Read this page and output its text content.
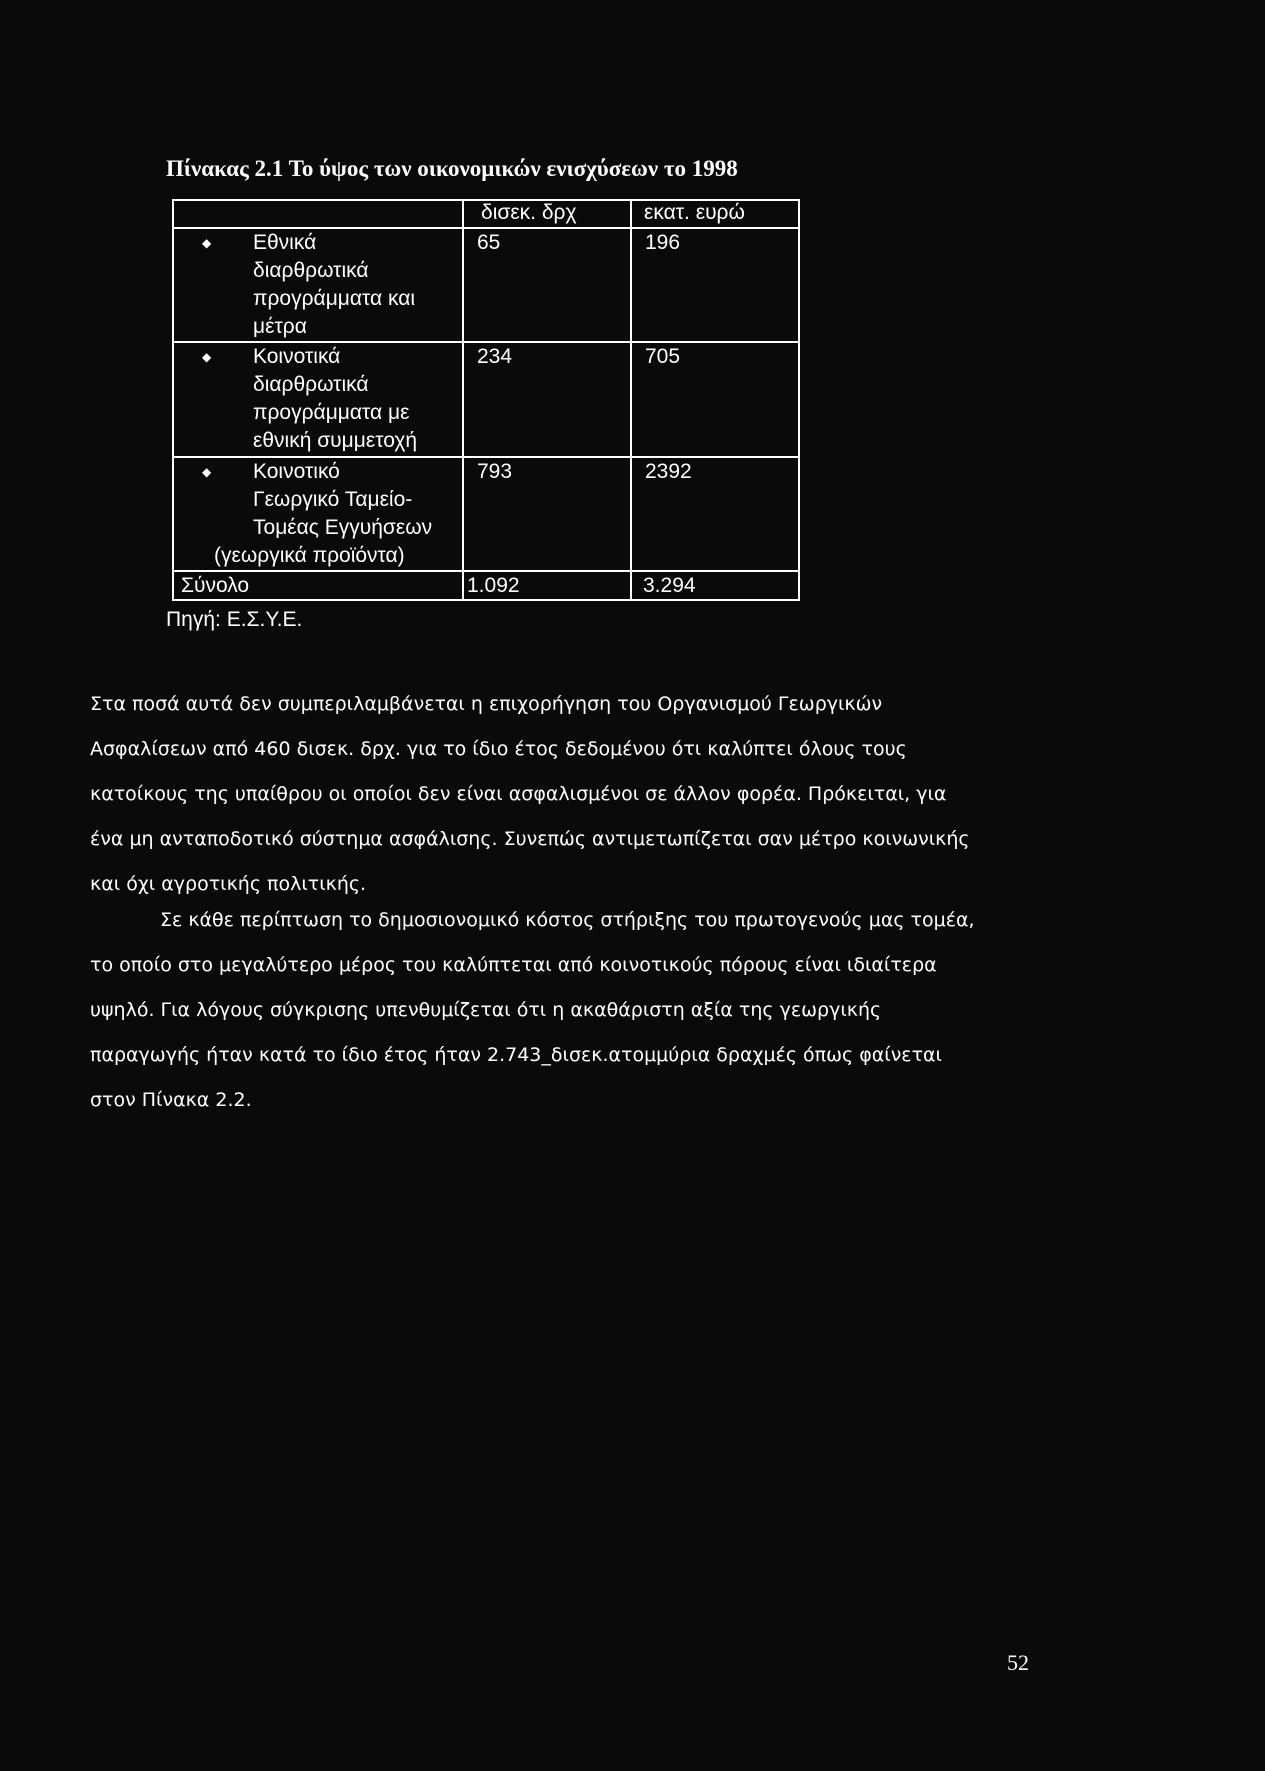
Πίνακας 2.1 Το ύψος των οικονομικών ενισχύσεων το 1998
δισεκ. δρχ	εκατ. ευρώ
◆ Εθνικά
διαρθρωτικά
προγράμματα και
μέτρα
65	196
◆ Κοινοτικά
διαρθρωτικά
προγράμματα με
εθνική συμμετοχή
234	705
◆ Κοινοτικό
Γεωργικό Ταμείο-
Τομέας Εγγυήσεων
(γεωργικά προϊόντα)
793	2392
Σύνολο	1.092	3.294
Πηγή: Ε.Σ.Υ.Ε.
Στα ποσά αυτά δεν συμπεριλαμβάνεται η επιχορήγηση του Οργανισμού Γεωργικών
Ασφαλίσεων από 460 δισεκ. δρχ. για το ίδιο έτος δεδομένου ότι καλύπτει όλους τους
κατοίκους της υπαίθρου οι οποίοι δεν είναι ασφαλισμένοι σε άλλον φορέα. Πρόκειται, για
ένα μη ανταποδοτικό σύστημα ασφάλισης. Συνεπώς αντιμετωπίζεται σαν μέτρο κοινωνικής
και όχι αγροτικής πολιτικής.
Σε κάθε περίπτωση το δημοσιονομικό κόστος στήριξης του πρωτογενούς μας τομέα,
το οποίο στο μεγαλύτερο μέρος του καλύπτεται από κοινοτικούς πόρους είναι ιδιαίτερα
υψηλό. Για λόγους σύγκρισης υπενθυμίζεται ότι η ακαθάριστη αξία της γεωργικής
παραγωγής ήταν κατά το ίδιο έτος ήταν 2.743_δισεκ.ατομμύρια δραχμές όπως φαίνεται
στον Πίνακα 2.2.
52
